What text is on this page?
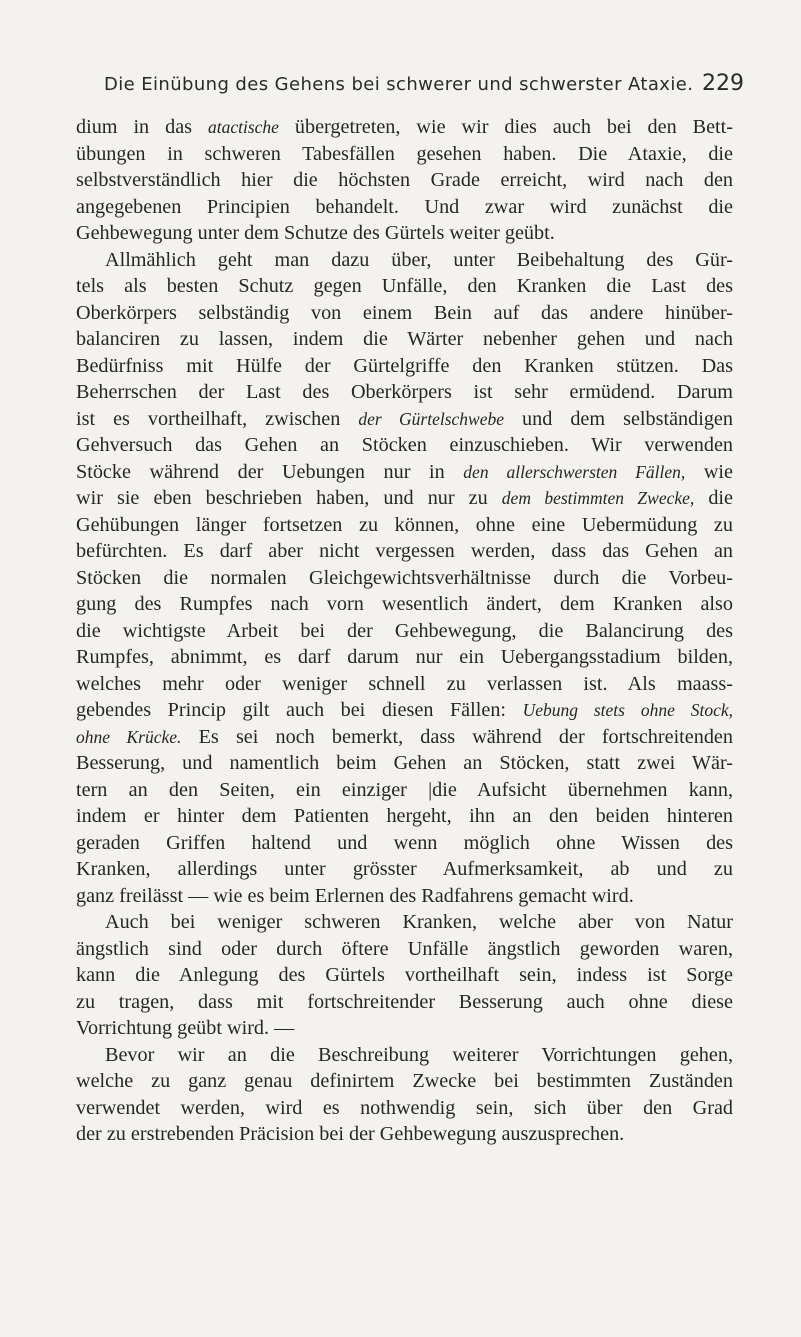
Die Einübung des Gehens bei schwerer und schwerster Ataxie. 229

dium in das atactische übergetreten, wie wir dies auch bei den Bett-
übungen in schweren Tabesfällen gesehen haben. Die Ataxie, die
selbstverständlich hier die höchsten Grade erreicht, wird nach den
angegebenen Principien behandelt. Und zwar wird zunächst die
Gehbewegung unter dem Schutze des Gürtels weiter geübt.

Allmählich geht man dazu über, unter Beibehaltung des Gür-
tels als besten Schutz gegen Unfälle, den Kranken die Last des
Oberkörpers selbständig von einem Bein auf das andere hinüber-
balanciren zu lassen, indem die Wärter nebenher gehen und nach
Bedürfniss mit Hülfe der Gürtelgriffe den Kranken stützen. Das
Beherrschen der Last des Oberkörpers ist sehr ermüdend. Darum
ist es vortheilhaft, zwischen der Gürtelschwebe und dem selbständigen
Gehversuch das Gehen an Stöcken einzuschieben. Wir verwenden
Stöcke während der Uebungen nur in den allerschwersten Fällen, wie
wir sie eben beschrieben haben, und nur zu dem bestimmten Zwecke, die
Gehübungen länger fortsetzen zu können, ohne eine Uebermüdung zu
befürchten. Es darf aber nicht vergessen werden, dass das Gehen an
Stöcken die normalen Gleichgewichtsverhältnisse durch die Vorbeu-
gung des Rumpfes nach vorn wesentlich ändert, dem Kranken also
die wichtigste Arbeit bei der Gehbewegung, die Balancirung des
Rumpfes, abnimmt, es darf darum nur ein Uebergangsstadium bilden,
welches mehr oder weniger schnell zu verlassen ist. Als maass-
gebendes Princip gilt auch bei diesen Fällen: Uebung stets ohne Stock,
ohne Krücke. Es sei noch bemerkt, dass während der fortschreitenden
Besserung, und namentlich beim Gehen an Stöcken, statt zwei Wär-
tern an den Seiten, ein einziger |die Aufsicht übernehmen kann,
indem er hinter dem Patienten hergeht, ihn an den beiden hinteren
geraden Griffen haltend und wenn möglich ohne Wissen des
Kranken, allerdings unter grösster Aufmerksamkeit, ab und zu
ganz freilässt — wie es beim Erlernen des Radfahrens gemacht wird.

Auch bei weniger schweren Kranken, welche aber von Natur
ängstlich sind oder durch öftere Unfälle ängstlich geworden waren,
kann die Anlegung des Gürtels vortheilhaft sein, indess ist Sorge
zu tragen, dass mit fortschreitender Besserung auch ohne diese
Vorrichtung geübt wird. —

Bevor wir an die Beschreibung weiterer Vorrichtungen gehen,
welche zu ganz genau definirtem Zwecke bei bestimmten Zuständen
verwendet werden, wird es nothwendig sein, sich über den Grad
der zu erstrebenden Präcision bei der Gehbewegung auszusprechen.
